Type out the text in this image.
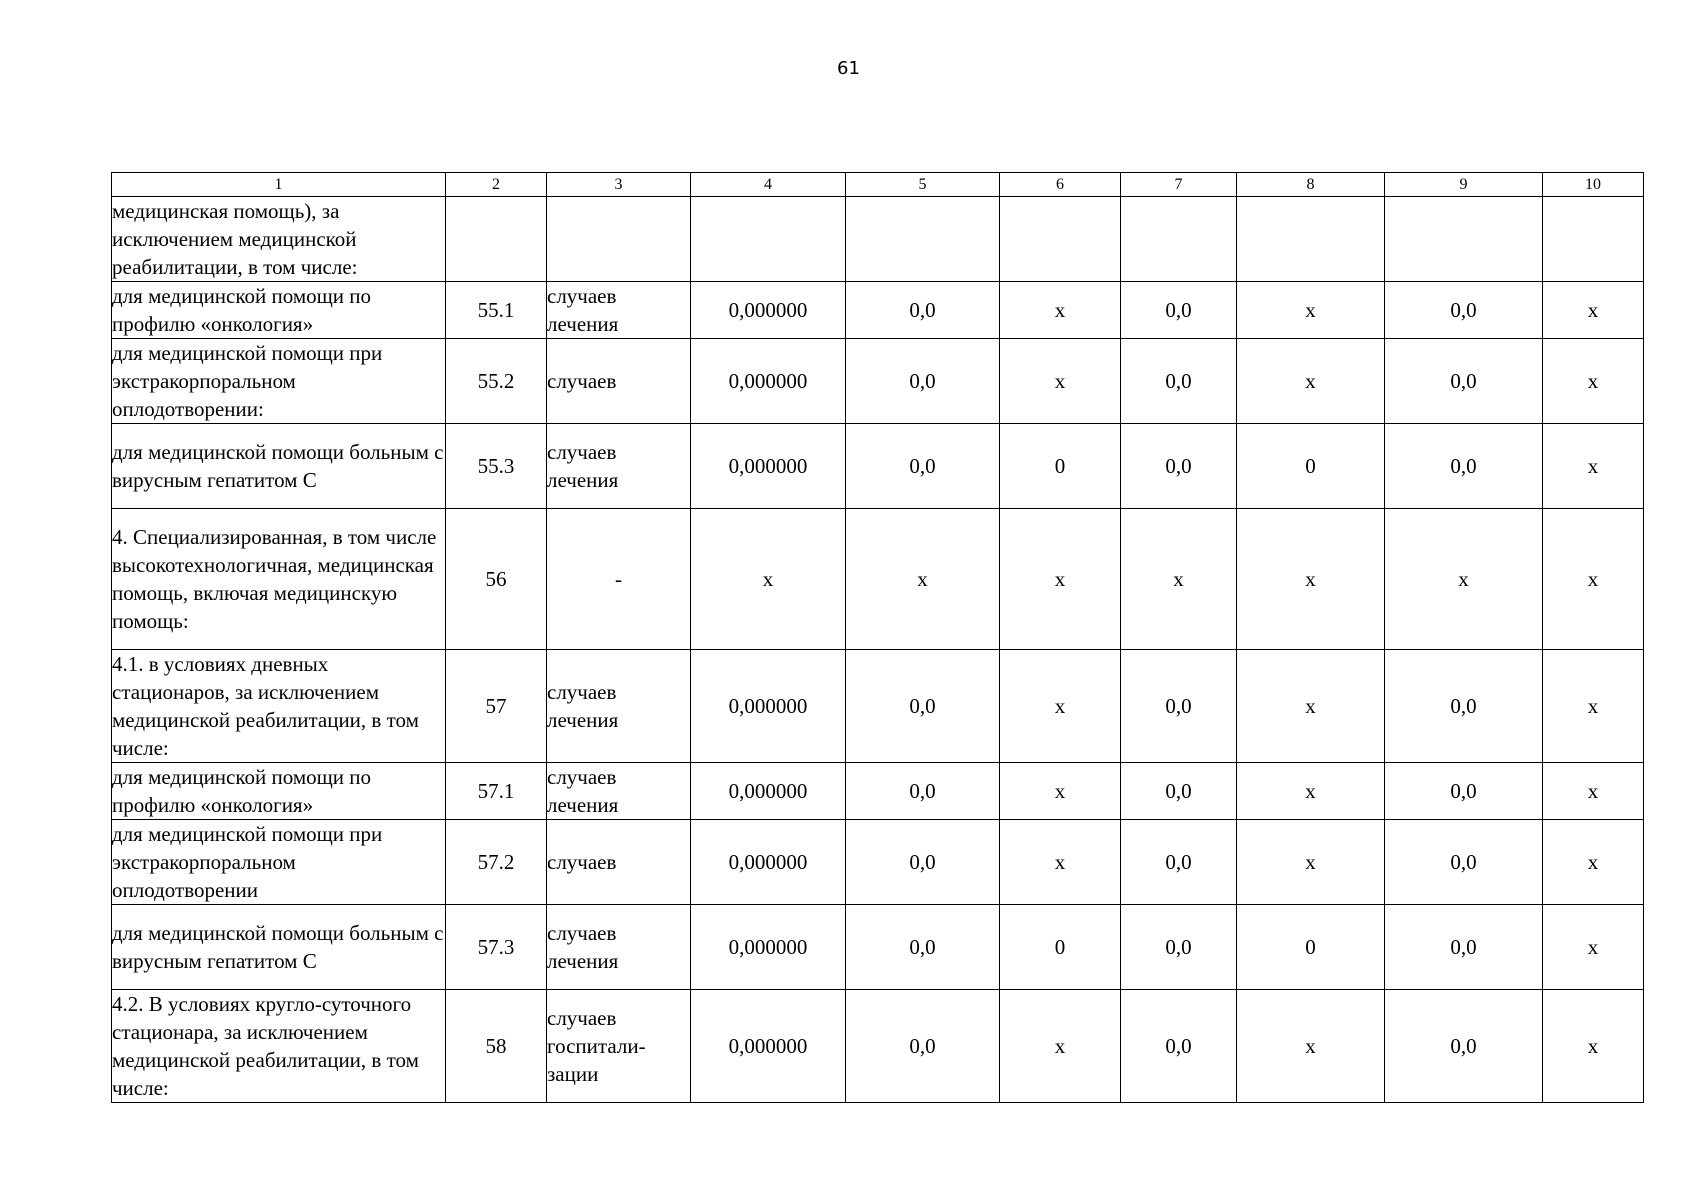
61
1	2	3	4	5	6	7	8	9	10
медицинская помощь), за исключением медицинской реабилитации, в том числе:									
для медицинской помощи по профилю «онкология»	55.1	случаев лечения	0,000000	0,0	х	0,0	х	0,0	х
для медицинской помощи при экстракорпоральном оплодотворении:	55.2	случаев	0,000000	0,0	х	0,0	х	0,0	х
для медицинской помощи больным с вирусным гепатитом С	55.3	случаев лечения	0,000000	0,0	0	0,0	0	0,0	х
4. Специализированная, в том числе высокотехнологичная, медицинская помощь, включая медицинскую помощь:	56	-	х	х	х	х	х	х	х
4.1. в условиях дневных стационаров, за исключением медицинской реабилитации, в том числе:	57	случаев лечения	0,000000	0,0	х	0,0	х	0,0	х
для медицинской помощи по профилю «онкология»	57.1	случаев лечения	0,000000	0,0	х	0,0	х	0,0	х
для медицинской помощи при экстракорпоральном оплодотворении	57.2	случаев	0,000000	0,0	х	0,0	х	0,0	х
для медицинской помощи больным с вирусным гепатитом С	57.3	случаев лечения	0,000000	0,0	0	0,0	0	0,0	х
4.2. В условиях кругло-суточного стационара, за исключением медицинской реабилитации, в том числе:	58	случаев госпитали-зации	0,000000	0,0	х	0,0	х	0,0	х
